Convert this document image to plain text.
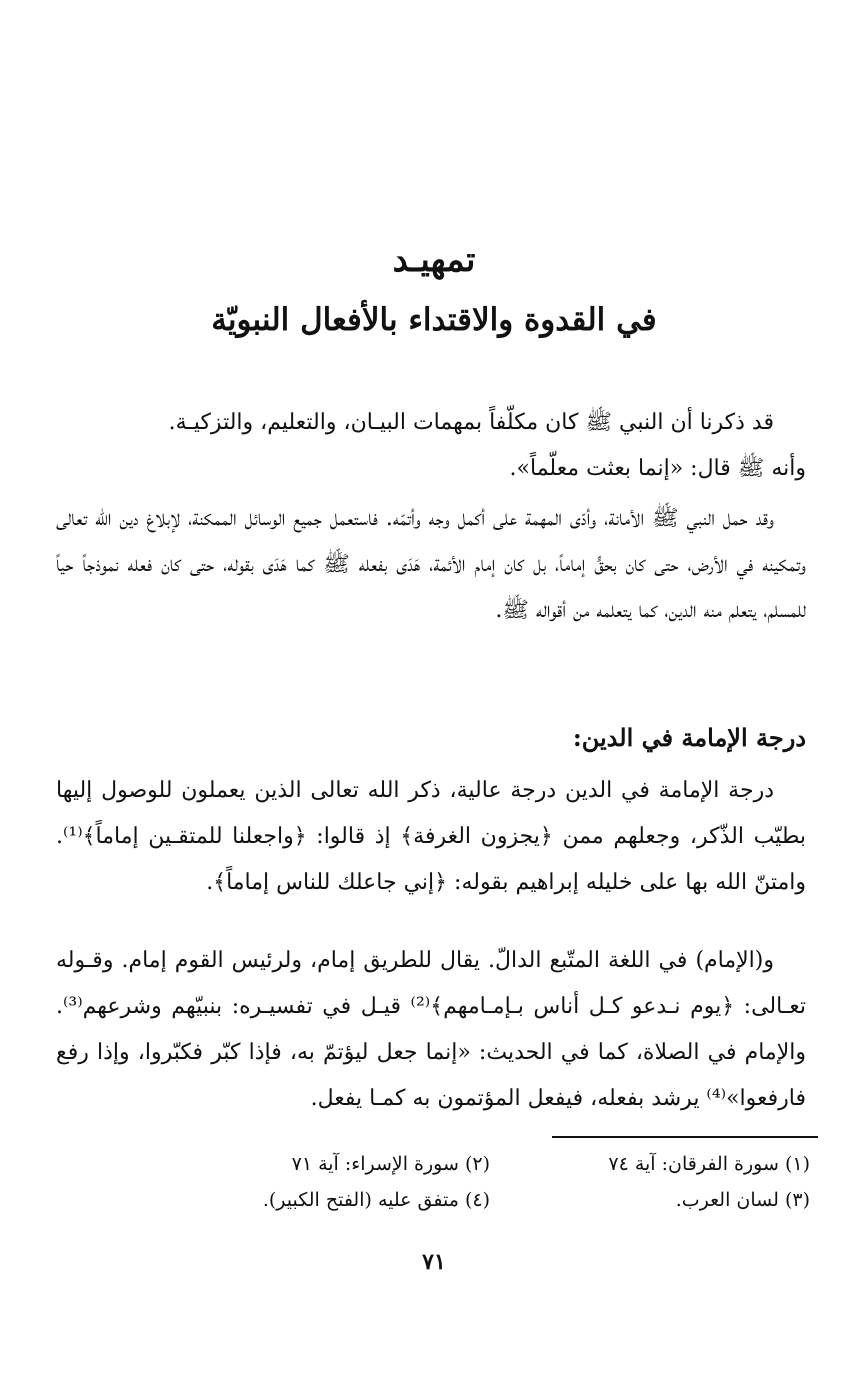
تمهيـد
في القدوة والاقتداء بالأفعال النبويّة

قد ذكرنا أن النبي ﷺ كان مكلّفاً بمهمات البيـان، والتعليم، والتزكيـة.

وأنه ﷺ قال: «إنما بعثت معلّماً».

وقد حمل النبي ﷺ الأمانة، وأدّى المهمة على أكمل وجه وأتمّه. فاستعمل جميع الوسائل الممكنة، لإبلاغ دين الله تعالى وتمكينه في الأرض، حتى كان بحقٍّ إماماً، بل كان إمام الأئمة، هَدَى بفعله ﷺ كما هَدَى بقوله، حتى كان فعله نموذجاً حياً للمسلم، يتعلم منه الدين، كما يتعلمه من أقواله ﷺ.

درجة الإمامة في الدين:

درجة الإمامة في الدين درجة عالية، ذكر الله تعالى الذين يعملون للوصول إليها بطيّب الذّكر، وجعلهم ممن ﴿يجزون الغرفة﴾ إذ قالوا: ﴿واجعلنا للمتقـين إماماً﴾⁽¹⁾. وامتنّ الله بها على خليله إبراهيم بقوله: ﴿إني جاعلك للناس إماماً﴾.

و(الإمام) في اللغة المتّبع الدالّ. يقال للطريق إمام، ولرئيس القوم إمام. وقـوله تعـالى: ﴿يوم نـدعو كـل أناس بـإمـامهم﴾⁽²⁾ قيـل في تفسيـره: بنبيّهم وشرعهم⁽³⁾. والإمام في الصلاة، كما في الحديث: «إنما جعل ليؤتمّ به، فإذا كبّر فكبّروا، وإذا رفع فارفعوا»⁽⁴⁾ يرشد بفعله، فيفعل المؤتمون به كمـا يفعل.

(١) سورة الفرقان: آية ٧٤
(٢) سورة الإسراء: آية ٧١
(٣) لسان العرب.
(٤) متفق عليه (الفتح الكبير).
٧١
